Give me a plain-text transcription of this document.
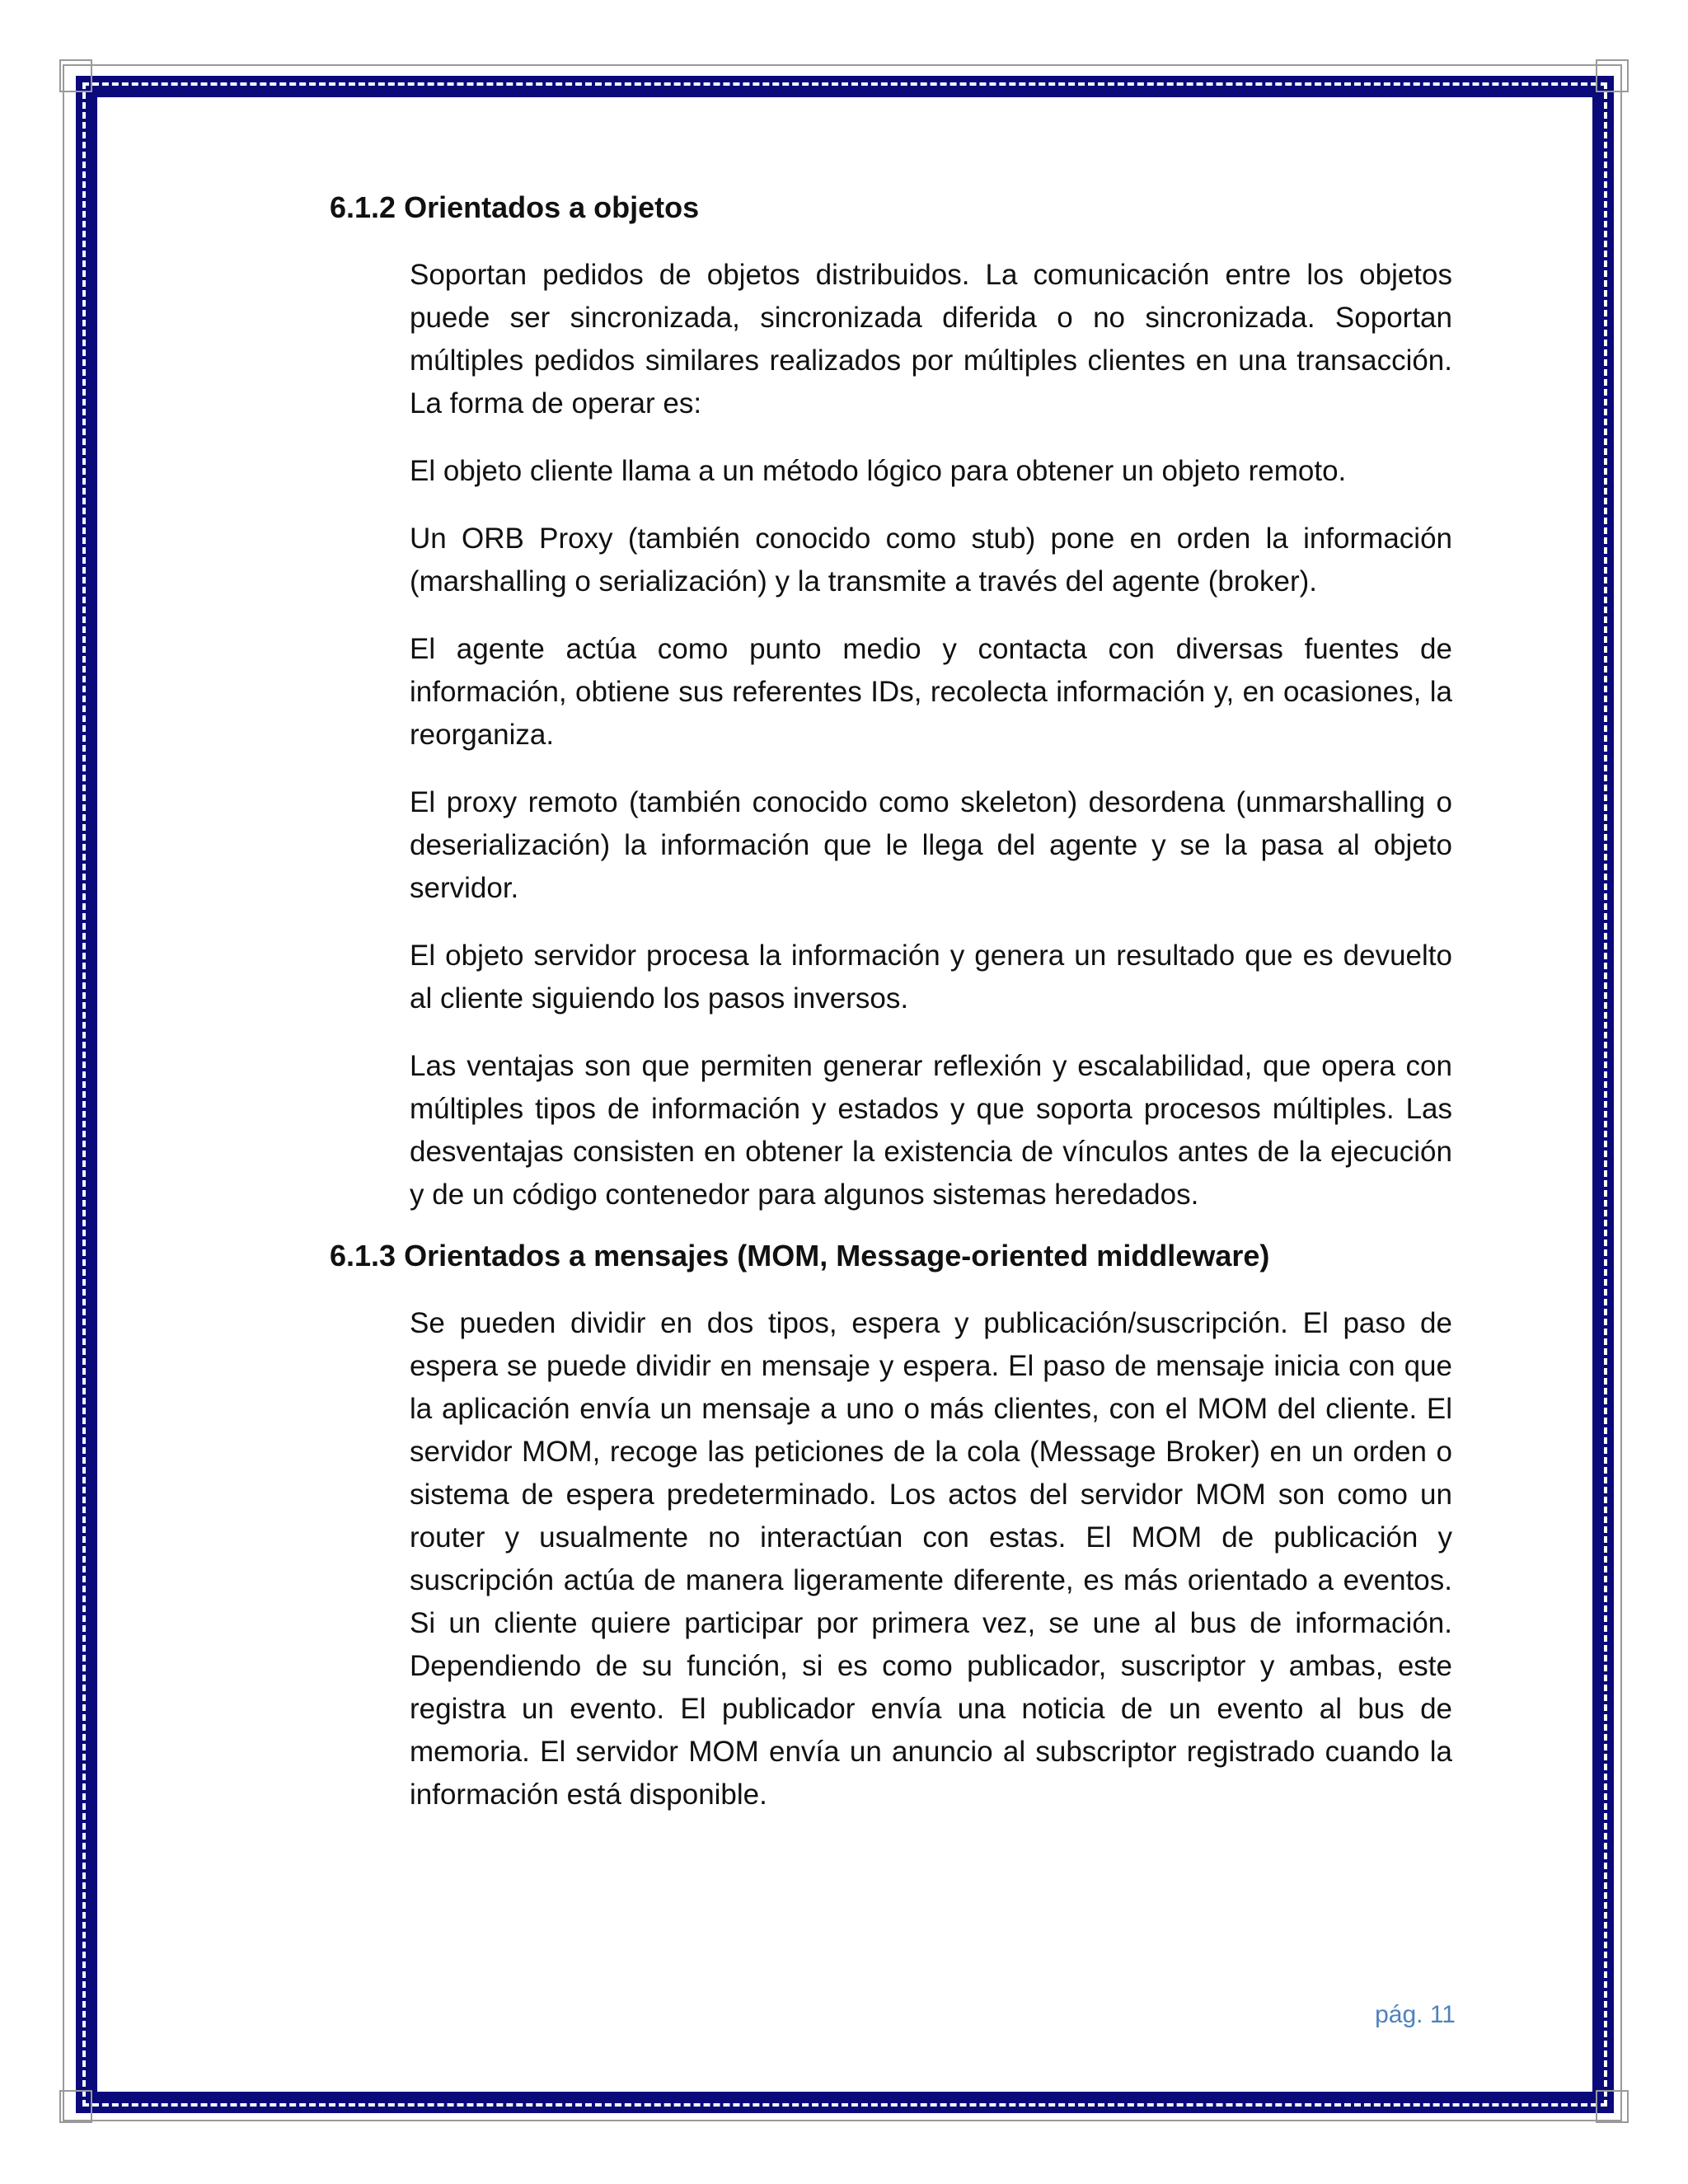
6.1.2 Orientados a objetos

Soportan pedidos de objetos distribuidos. La comunicación entre los objetos puede ser sincronizada, sincronizada diferida o no sincronizada. Soportan múltiples pedidos similares realizados por múltiples clientes en una transacción. La forma de operar es:

El objeto cliente llama a un método lógico para obtener un objeto remoto.

Un ORB Proxy (también conocido como stub) pone en orden la información (marshalling o serialización) y la transmite a través del agente (broker).

El agente actúa como punto medio y contacta con diversas fuentes de información, obtiene sus referentes IDs, recolecta información y, en ocasiones, la reorganiza.

El proxy remoto (también conocido como skeleton) desordena (unmarshalling o deserialización) la información que le llega del agente y se la pasa al objeto servidor.

El objeto servidor procesa la información y genera un resultado que es devuelto al cliente siguiendo los pasos inversos.

Las ventajas son que permiten generar reflexión y escalabilidad, que opera con múltiples tipos de información y estados y que soporta procesos múltiples. Las desventajas consisten en obtener la existencia de vínculos antes de la ejecución y de un código contenedor para algunos sistemas heredados.

6.1.3 Orientados a mensajes (MOM, Message-oriented middleware)

Se pueden dividir en dos tipos, espera y publicación/suscripción. El paso de espera se puede dividir en mensaje y espera. El paso de mensaje inicia con que la aplicación envía un mensaje a uno o más clientes, con el MOM del cliente. El servidor MOM, recoge las peticiones de la cola (Message Broker) en un orden o sistema de espera predeterminado. Los actos del servidor MOM son como un router y usualmente no interactúan con estas. El MOM de publicación y suscripción actúa de manera ligeramente diferente, es más orientado a eventos. Si un cliente quiere participar por primera vez, se une al bus de información. Dependiendo de su función, si es como publicador, suscriptor y ambas, este registra un evento. El publicador envía una noticia de un evento al bus de memoria. El servidor MOM envía un anuncio al subscriptor registrado cuando la información está disponible.

pág. 11
